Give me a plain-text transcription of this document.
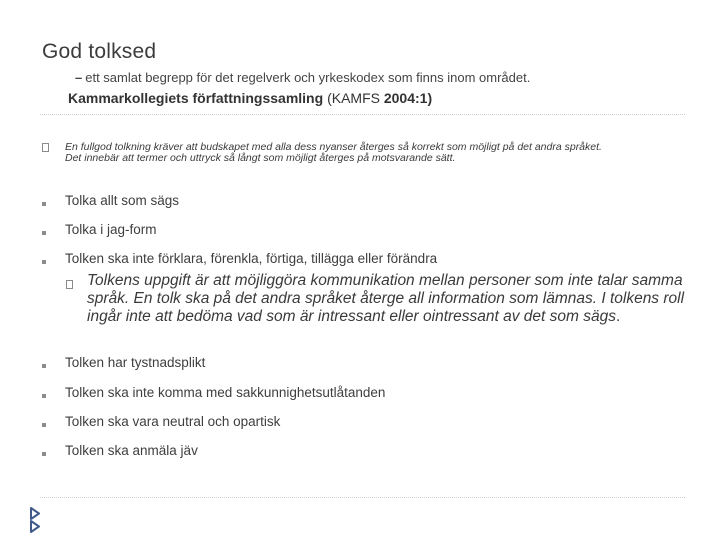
God tolksed
– ett samlat begrepp för det regelverk och yrkeskodex som finns inom området.
Kammarkollegiets författningssamling (KAMFS 2004:1)
En fullgod tolkning kräver att budskapet med alla dess nyanser återges så korrekt som möjligt på det andra språket.
Det innebär att termer och uttryck så långt som möjligt återges på motsvarande sätt.
Tolka allt som sägs
Tolka i jag-form
Tolken ska inte förklara, förenkla, förtiga, tillägga eller förändra
Tolkens uppgift är att möjliggöra kommunikation mellan personer som inte talar samma språk. En tolk ska på det andra språket återge all information som lämnas. I tolkens roll ingår inte att bedöma vad som är intressant eller ointressant av det som sägs.
Tolken har tystnadsplikt
Tolken ska inte komma med sakkunnighetsutlåtanden
Tolken ska vara neutral och opartisk
Tolken ska anmäla jäv
